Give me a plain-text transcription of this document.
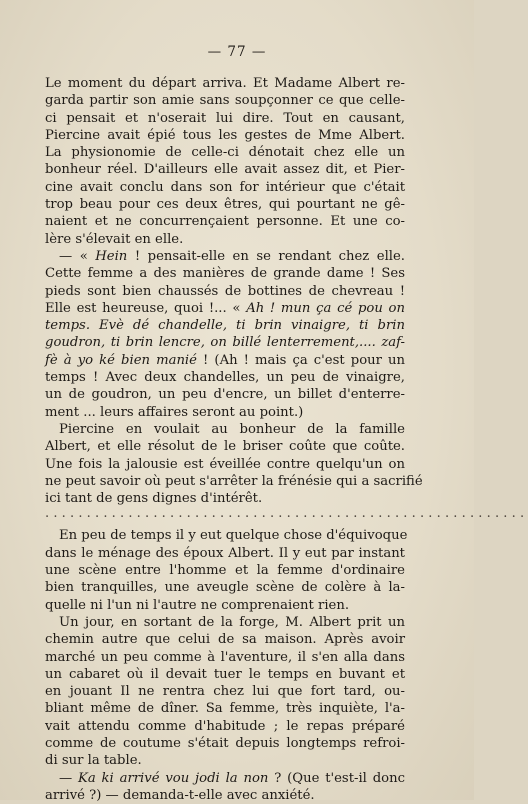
— 77 —
Le moment du départ arriva. Et Madame Albert re-
garda partir son amie sans soupçonner ce que celle-
ci pensait et n'oserait lui dire. Tout en causant,
Piercine avait épié tous les gestes de Mme Albert.
La physionomie de celle-ci dénotait chez elle un
bonheur réel. D'ailleurs elle avait assez dit, et Pier-
cine avait conclu dans son for intérieur que c'était
trop beau pour ces deux êtres, qui pourtant ne gê-
naient et ne concurrençaient personne. Et une co-
lère s'élevait en elle.
— « Hein ! pensait-elle en se rendant chez elle.
Cette femme a des manières de grande dame ! Ses
pieds sont bien chaussés de bottines de chevreau !
Elle est heureuse, quoi !... « Ah ! mun ça cé pou on
temps. Evè dé chandelle, ti brin vinaigre, ti brin
goudron, ti brin lencre, on billé lenterrement,.... zaf-
fè à yo ké bien manié ! (Ah ! mais ça c'est pour un
temps ! Avec deux chandelles, un peu de vinaigre,
un de goudron, un peu d'encre, un billet d'enterre-
ment ... leurs affaires seront au point.)
Piercine en voulait au bonheur de la famille
Albert, et elle résolut de le briser coûte que coûte.
Une fois la jalousie est éveillée contre quelqu'un on
ne peut savoir où peut s'arrêter la frénésie qui a sacrifié
ici tant de gens dignes d'intérêt.
..........................................................
En peu de temps il y eut quelque chose d'équivoque
dans le ménage des époux Albert. Il y eut par instant
une scène entre l'homme et la femme d'ordinaire
bien tranquilles, une aveugle scène de colère à la-
quelle ni l'un ni l'autre ne comprenaient rien.
Un jour, en sortant de la forge, M. Albert prit un
chemin autre que celui de sa maison. Après avoir
marché un peu comme à l'aventure, il s'en alla dans
un cabaret où il devait tuer le temps en buvant et
en jouant Il ne rentra chez lui que fort tard, ou-
bliant même de dîner. Sa femme, très inquiète, l'a-
vait attendu comme d'habitude ; le repas préparé
comme de coutume s'était depuis longtemps refroi-
di sur la table.
— Ka ki arrivé vou jodi la non ? (Que t'est-il donc
arrivé ?) — demanda-t-elle avec anxiété.
